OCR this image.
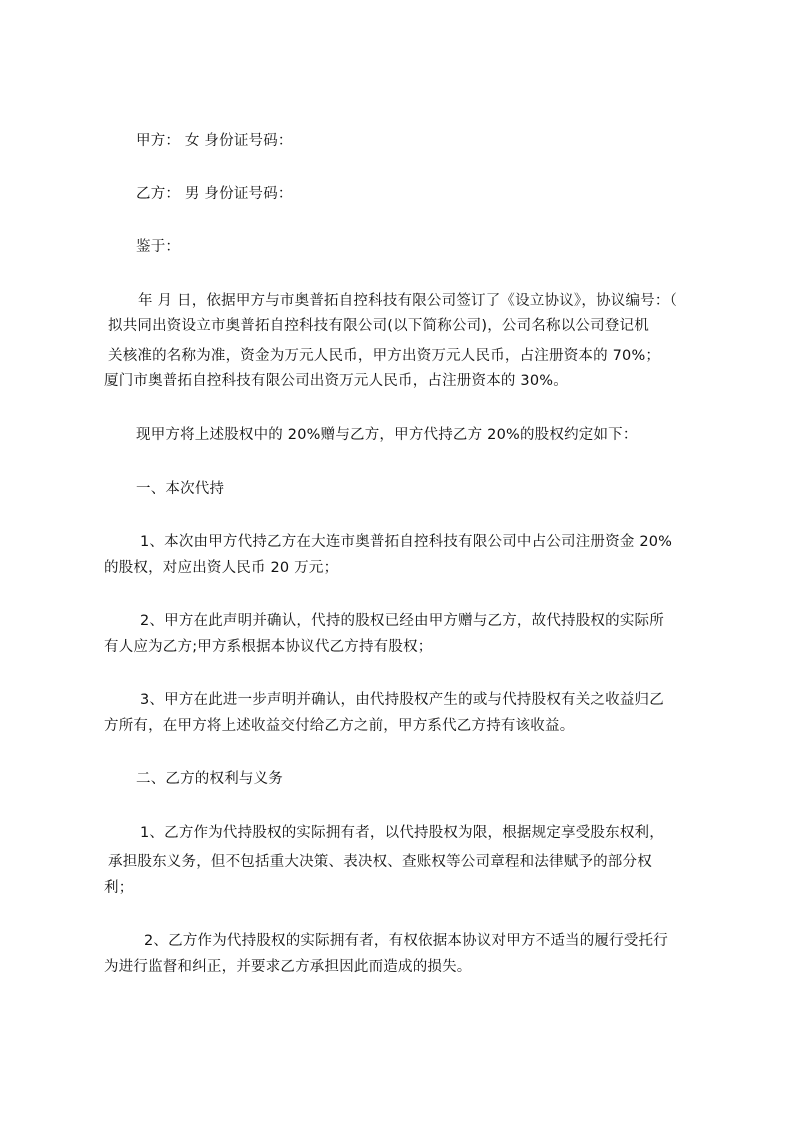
甲方： 女 身份证号码：
乙方： 男 身份证号码：
鉴于：
年 月 日，依据甲方与市奥普拓自控科技有限公司签订了《设立协议》，协议编号：（
拟共同出资设立市奥普拓自控科技有限公司(以下简称公司)，公司名称以公司登记机
关核准的名称为准，资金为万元人民币，甲方出资万元人民币，占注册资本的 70%；
厦门市奥普拓自控科技有限公司出资万元人民币，占注册资本的 30%。
现甲方将上述股权中的 20%赠与乙方，甲方代持乙方 20%的股权约定如下：
一、本次代持
1、本次由甲方代持乙方在大连市奥普拓自控科技有限公司中占公司注册资金 20%
的股权，对应出资人民币 20 万元；
2、甲方在此声明并确认，代持的股权已经由甲方赠与乙方，故代持股权的实际所
有人应为乙方;甲方系根据本协议代乙方持有股权；
3、甲方在此进一步声明并确认，由代持股权产生的或与代持股权有关之收益归乙
方所有，在甲方将上述收益交付给乙方之前，甲方系代乙方持有该收益。
二、乙方的权利与义务
1、乙方作为代持股权的实际拥有者，以代持股权为限，根据规定享受股东权利，
承担股东义务，但不包括重大决策、表决权、查账权等公司章程和法律赋予的部分权
利；
2、乙方作为代持股权的实际拥有者，有权依据本协议对甲方不适当的履行受托行
为进行监督和纠正，并要求乙方承担因此而造成的损失。
